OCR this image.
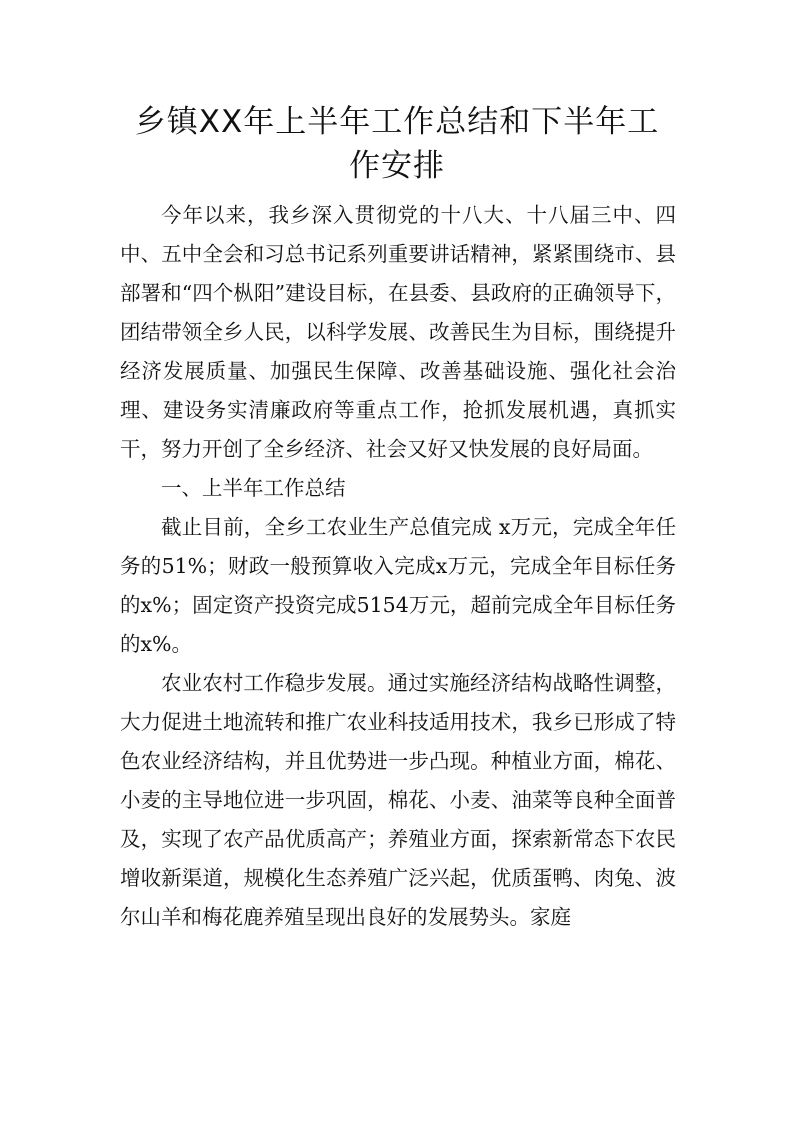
乡镇XX年上半年工作总结和下半年工
作安排

今年以来，我乡深入贯彻党的十八大、十八届三中、四中、五中全会和习总书记系列重要讲话精神，紧紧围绕市、县部署和“四个枞阳”建设目标，在县委、县政府的正确领导下，团结带领全乡人民，以科学发展、改善民生为目标，围绕提升经济发展质量、加强民生保障、改善基础设施、强化社会治理、建设务实清廉政府等重点工作，抢抓发展机遇，真抓实干，努力开创了全乡经济、社会又好又快发展的良好局面。

一、上半年工作总结

截止目前，全乡工农业生产总值完成 x万元，完成全年任务的51%；财政一般预算收入完成x万元，完成全年目标任务的x%；固定资产投资完成5154万元，超前完成全年目标任务的x%。

农业农村工作稳步发展。通过实施经济结构战略性调整，大力促进土地流转和推广农业科技适用技术，我乡已形成了特色农业经济结构，并且优势进一步凸现。种植业方面，棉花、小麦的主导地位进一步巩固，棉花、小麦、油菜等良种全面普及，实现了农产品优质高产；养殖业方面，探索新常态下农民增收新渠道，规模化生态养殖广泛兴起，优质蛋鸭、肉兔、波尔山羊和梅花鹿养殖呈现出良好的发展势头。家庭
